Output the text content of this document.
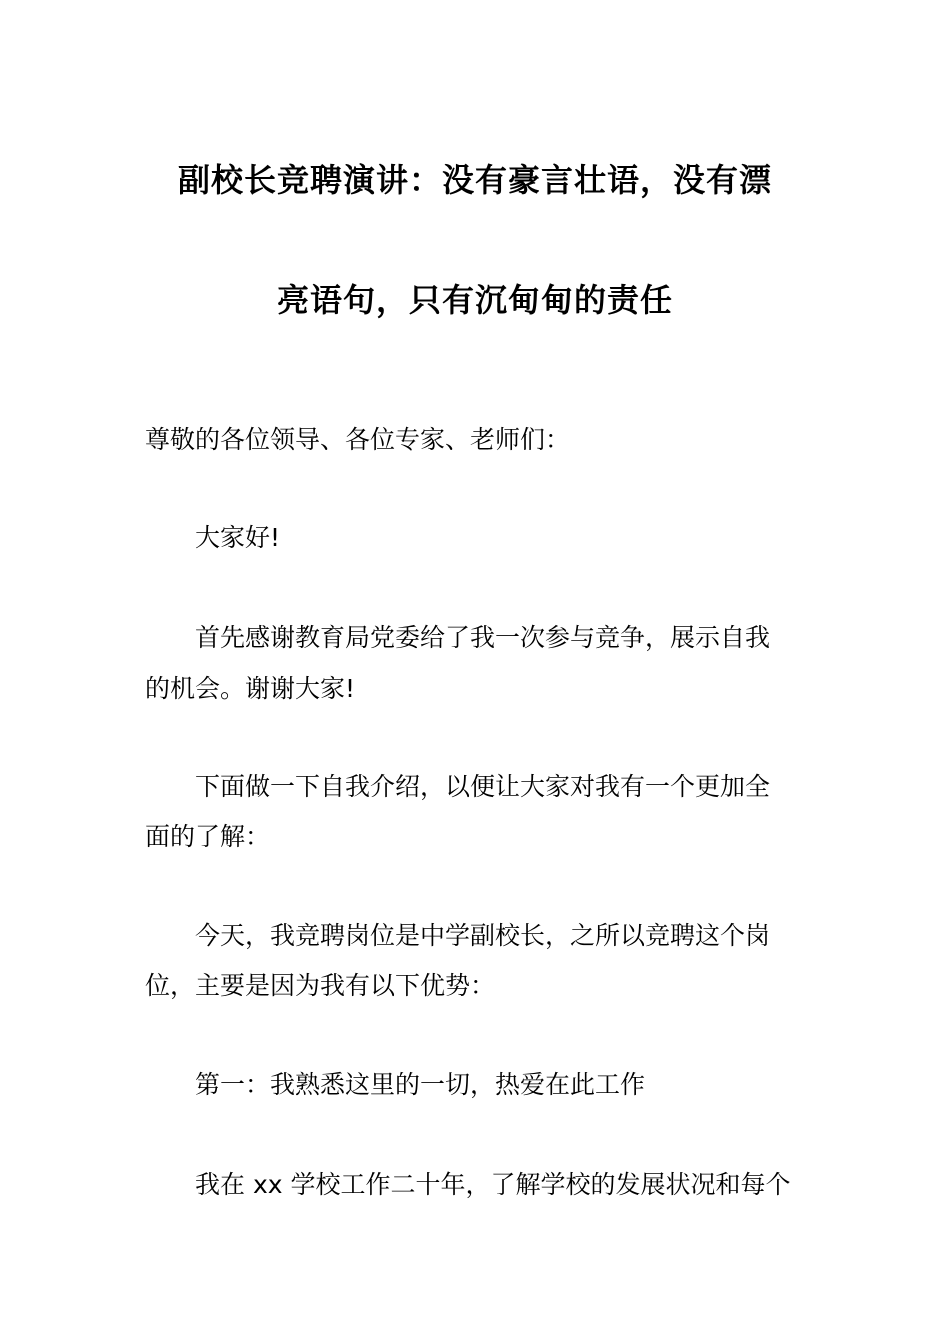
副校长竞聘演讲：没有豪言壮语，没有漂
亮语句，只有沉甸甸的责任
尊敬的各位领导、各位专家、老师们：
大家好!
首先感谢教育局党委给了我一次参与竞争，展示自我
的机会。谢谢大家!
下面做一下自我介绍，以便让大家对我有一个更加全
面的了解：
今天，我竞聘岗位是中学副校长，之所以竞聘这个岗
位，主要是因为我有以下优势：
第一：我熟悉这里的一切，热爱在此工作
我在 xx 学校工作二十年，了解学校的发展状况和每个
